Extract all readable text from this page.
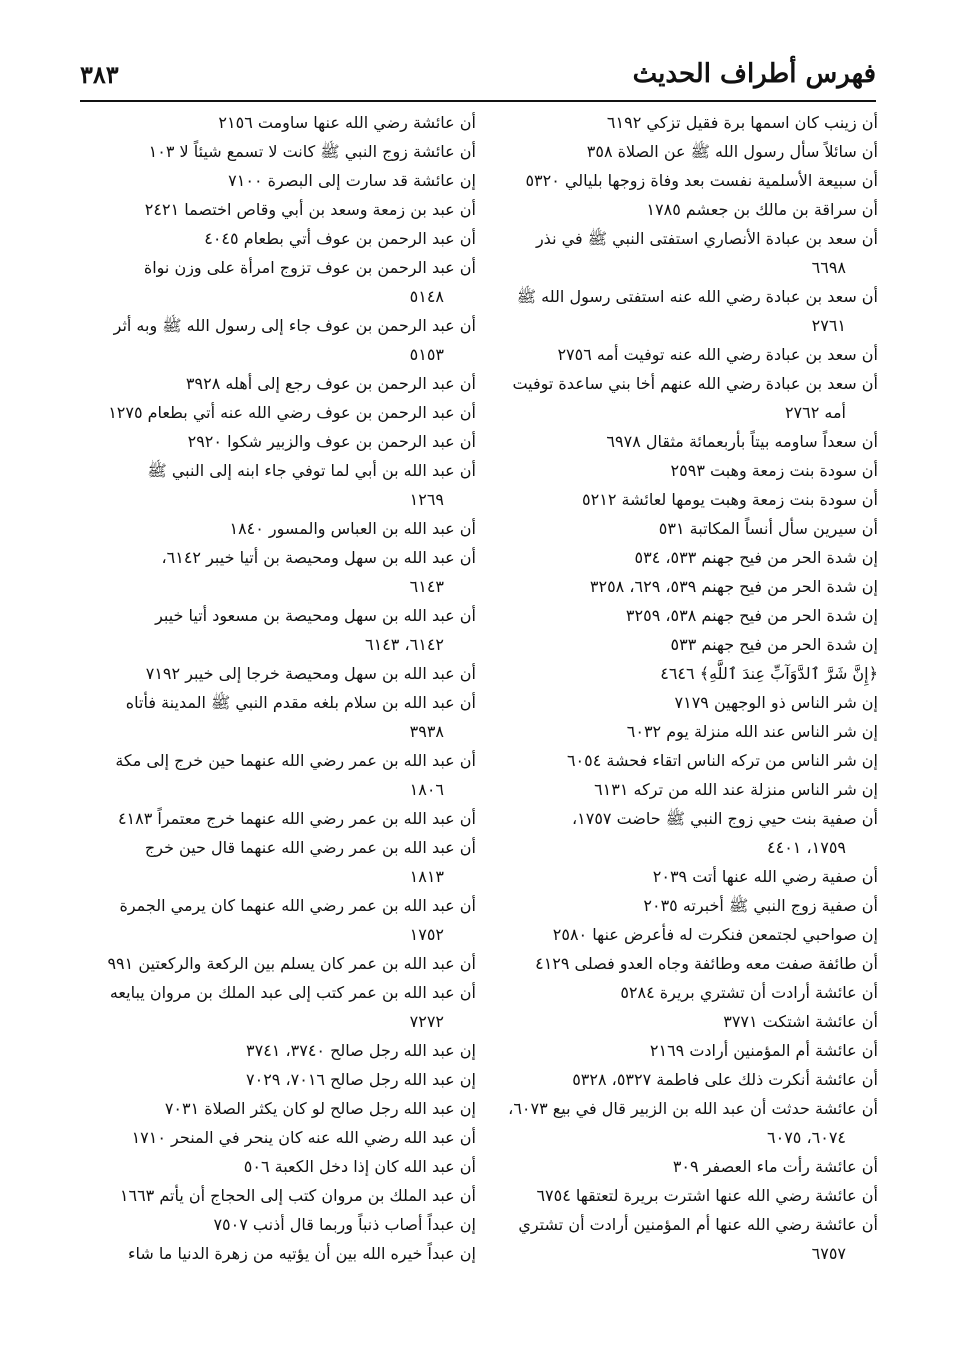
فهرس أطراف الحديث
٣٨٣

أن زينب كان اسمها برة فقيل تزكي ٦١٩٢

أن سائلاً سأل رسول الله ﷺ عن الصلاة ٣٥٨

أن سبيعة الأسلمية نفست بعد وفاة زوجها بليالي ٥٣٢٠

أن سراقة بن مالك بن جعشم ١٧٨٥

أن سعد بن عبادة الأنصاري استفتى النبي ﷺ في نذر
٦٦٩٨

أن سعد بن عبادة رضي الله عنه استفتى رسول الله ﷺ
٢٧٦١

أن سعد بن عبادة رضي الله عنه توفيت أمه ٢٧٥٦

أن سعد بن عبادة رضي الله عنهم أخا بني ساعدة توفيت
أمه ٢٧٦٢

أن سعداً ساومه بيتاً بأربعمائة مثقال ٦٩٧٨

أن سودة بنت زمعة وهبت ٢٥٩٣

أن سودة بنت زمعة وهبت يومها لعائشة ٥٢١٢

أن سيرين سأل أنساً المكاتبة ٥٣١

إن شدة الحر من فيح جهنم ٥٣٣، ٥٣٤

إن شدة الحر من فيح جهنم ٥٣٩، ٦٢٩، ٣٢٥٨

إن شدة الحر من فيح جهنم ٥٣٨، ٣٢٥٩

إن شدة الحر من فيح جهنم ٥٣٣

﴿إِنَّ شَرَّ ٱلدَّوَآبِّ عِندَ ٱللَّهِ﴾ ٤٦٤٦

إن شر الناس ذو الوجهين ٧١٧٩

إن شر الناس عند الله منزلة يوم ٦٠٣٢

إن شر الناس من تركه الناس اتقاء فحشة ٦٠٥٤

إن شر الناس منزلة عند الله من تركه ٦١٣١

أن صفية بنت حيي زوج النبي ﷺ حاضت ١٧٥٧،
١٧٥٩، ٤٤٠١

أن صفية رضي الله عنها أتت ٢٠٣٩

أن صفية زوج النبي ﷺ أخبرته ٢٠٣٥

إن صواحبي لجتمعن فنكرت له فأعرض عنها ٢٥٨٠

أن طائفة صفت معه وطائفة وجاه العدو فصلى ٤١٢٩

أن عائشة أرادت أن تشتري بريرة ٥٢٨٤

أن عائشة اشتكت ٣٧٧١

أن عائشة أم المؤمنين أرادت ٢١٦٩

أن عائشة أنكرت ذلك على فاطمة ٥٣٢٧، ٥٣٢٨

أن عائشة حدثت أن عبد الله بن الزبير قال في بيع ٦٠٧٣،
٦٠٧٤، ٦٠٧٥

أن عائشة رأت ماء العصفر ٣٠٩

أن عائشة رضي الله عنها اشترت بريرة لتعتقها ٦٧٥٤

أن عائشة رضي الله عنها أم المؤمنين أرادت أن تشتري
٦٧٥٧

أن عائشة رضي الله عنها ساومت ٢١٥٦

أن عائشة زوج النبي ﷺ كانت لا تسمع شيئاً لا ١٠٣

إن عائشة قد سارت إلى البصرة ٧١٠٠

أن عبد بن زمعة وسعد بن أبي وقاص اختصما ٢٤٢١

أن عبد الرحمن بن عوف أتي بطعام ٤٠٤٥

أن عبد الرحمن بن عوف تزوج امرأة على وزن نواة
٥١٤٨

أن عبد الرحمن بن عوف جاء إلى رسول الله ﷺ وبه أثر
٥١٥٣

أن عبد الرحمن بن عوف رجع إلى أهله ٣٩٢٨

أن عبد الرحمن بن عوف رضي الله عنه أتي بطعام ١٢٧٥

أن عبد الرحمن بن عوف والزبير شكوا ٢٩٢٠

أن عبد الله بن أبي لما توفي جاء ابنه إلى النبي ﷺ
١٢٦٩

أن عبد الله بن العباس والمسور ١٨٤٠

أن عبد الله بن سهل ومحيصة بن أتيا خيبر ٦١٤٢،
٦١٤٣

أن عبد الله بن سهل ومحيصة بن مسعود أتيا خيبر
٦١٤٢، ٦١٤٣

أن عبد الله بن سهل ومحيصة خرجا إلى خيبر ٧١٩٢

أن عبد الله بن سلام بلغه مقدم النبي ﷺ المدينة فأتاه
٣٩٣٨

أن عبد الله بن عمر رضي الله عنهما حين خرج إلى مكة
١٨٠٦

أن عبد الله بن عمر رضي الله عنهما خرج معتمراً ٤١٨٣

أن عبد الله بن عمر رضي الله عنهما قال حين خرج
١٨١٣

أن عبد الله بن عمر رضي الله عنهما كان يرمي الجمرة
١٧٥٢

أن عبد الله بن عمر كان يسلم بين الركعة والركعتين ٩٩١

أن عبد الله بن عمر كتب إلى عبد الملك بن مروان يبايعه
٧٢٧٢

إن عبد الله رجل صالح ٣٧٤٠، ٣٧٤١

إن عبد الله رجل صالح ٧٠١٦، ٧٠٢٩

إن عبد الله رجل صالح لو كان يكثر الصلاة ٧٠٣١

أن عبد الله رضي الله عنه كان ينحر في المنحر ١٧١٠

أن عبد الله كان إذا دخل الكعبة ٥٠٦

أن عبد الملك بن مروان كتب إلى الحجاج أن يأتم ١٦٦٣

إن عبداً أصاب ذنباً وربما قال أذنب ٧٥٠٧

إن عبداً خيره الله بين أن يؤتيه من زهرة الدنيا ما شاء
